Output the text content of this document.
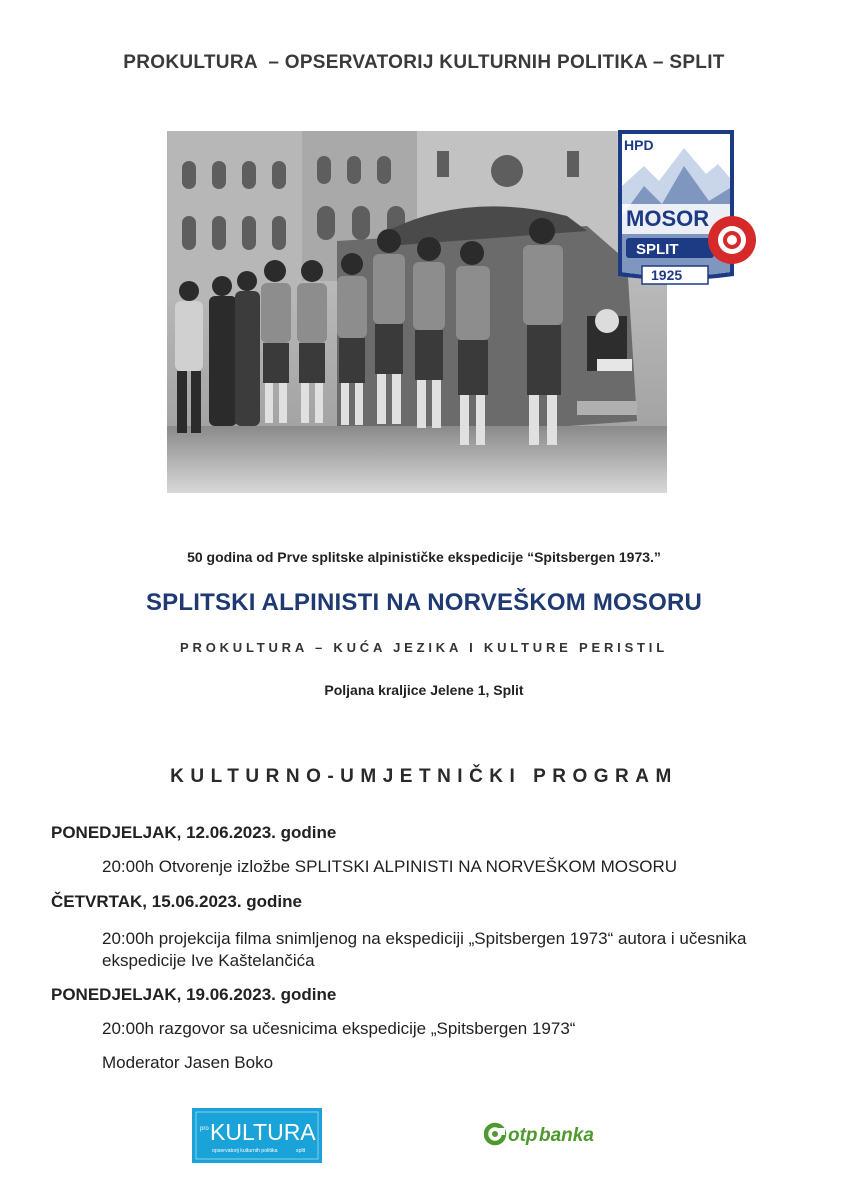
PROKULTURA  – OPSERVATORIJ KULTURNIH POLITIKA – SPLIT
HPD
MOSOR
SPLIT
1925
50 godina od Prve splitske alpinističke ekspedicije “Spitsbergen 1973.”
SPLITSKI ALPINISTI NA NORVEŠKOM MOSORU
PROKULTURA – KUĆA JEZIKA I KULTURE PERISTIL
Poljana kraljice Jelene 1, Split
KULTURNO-UMJETNIČKI PROGRAM
PONEDJELJAK, 12.06.2023. godine
20:00h Otvorenje izložbe SPLITSKI ALPINISTI NA NORVEŠKOM MOSORU
ČETVRTAK, 15.06.2023. godine
20:00h projekcija filma snimljenog na ekspediciji „Spitsbergen 1973“ autora i učesnika ekspedicije Ive Kaštelančića
PONEDJELJAK, 19.06.2023. godine
20:00h razgovor sa učesnicima ekspedicije „Spitsbergen 1973“
Moderator Jasen Boko
pro KULTURA
opservatorij kulturnih politika	split
otp banka
